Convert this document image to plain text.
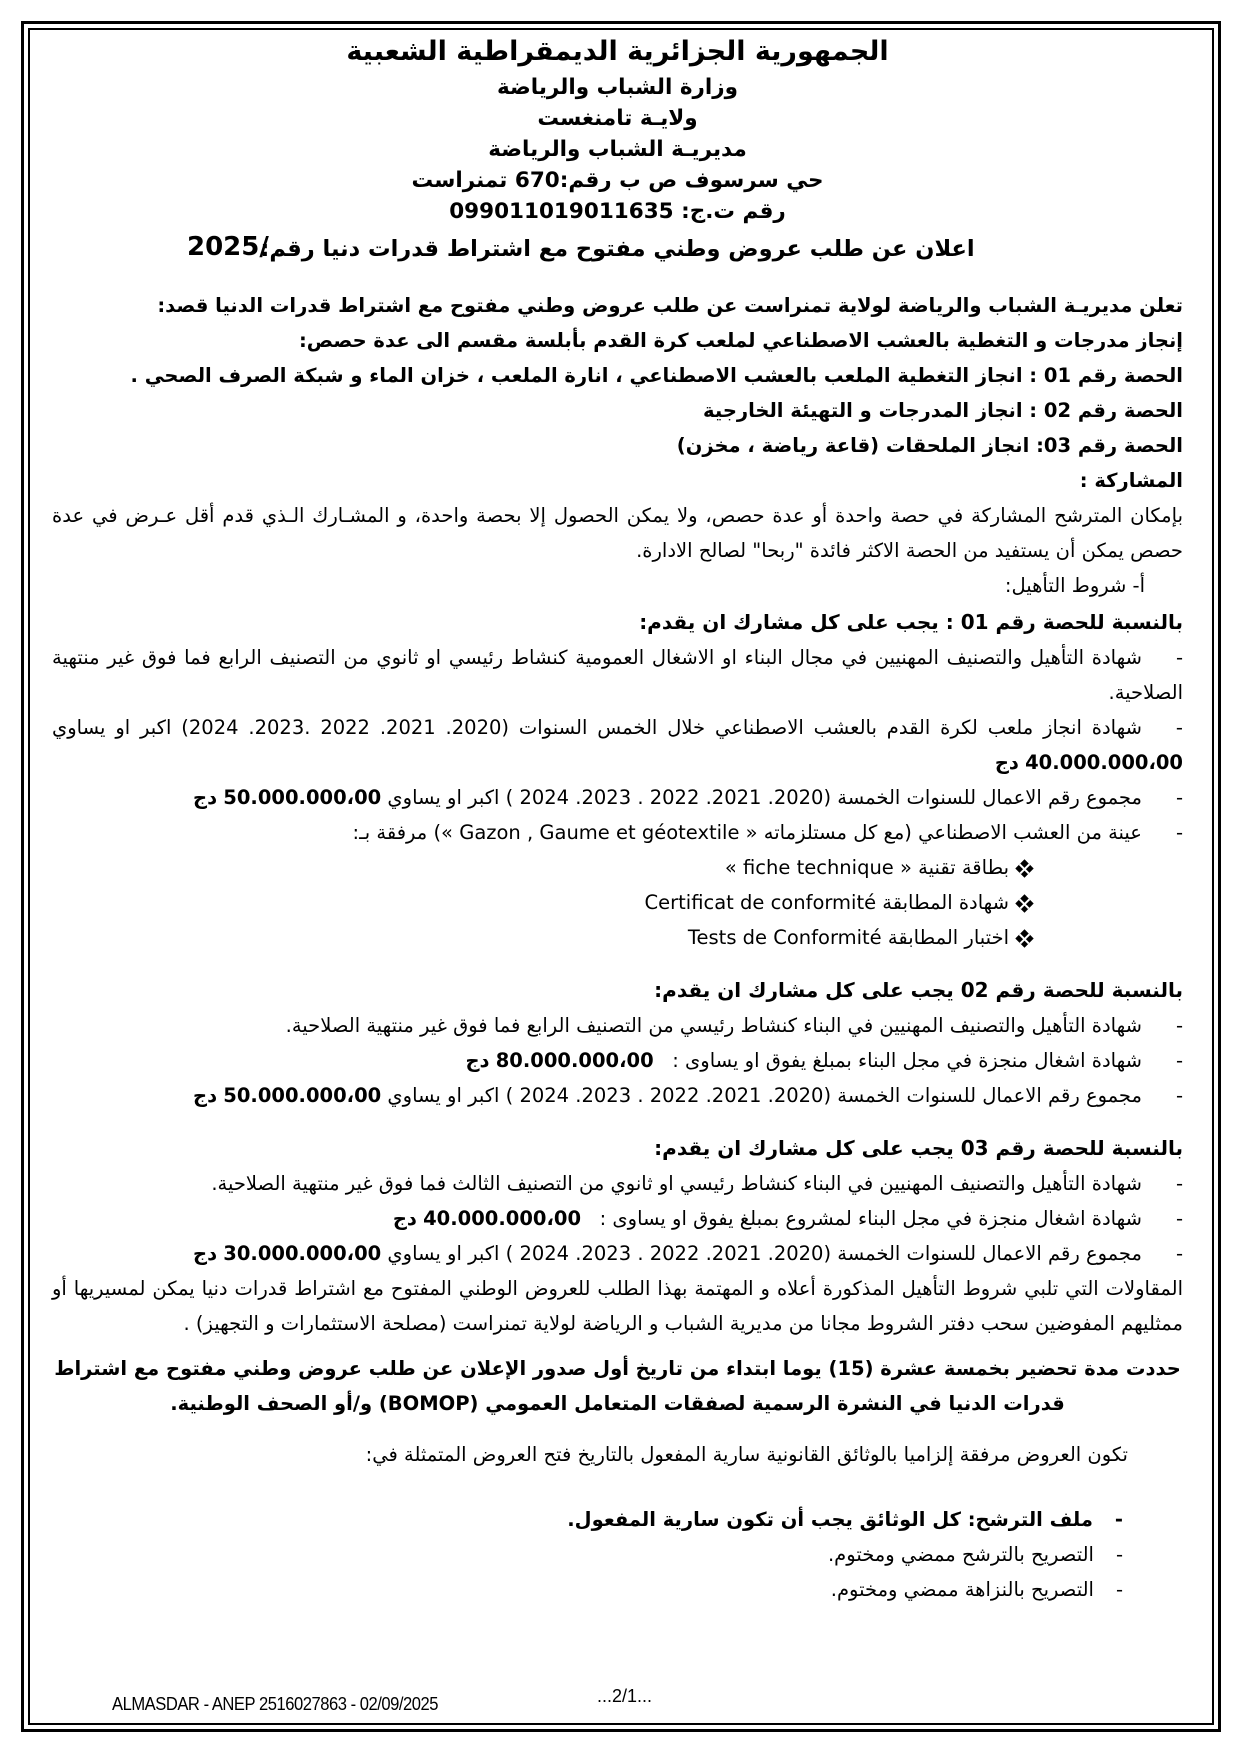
الجمهورية الجزائرية الديمقراطية الشعبية
وزارة الشباب والرياضة
ولايـة تامنغست
مديريـة الشباب والرياضة
حي سرسوف ص ب رقم:670 تمنراست
رقم ت.ج: 099011019011635
اعلان عن طلب عروض وطني مفتوح مع اشتراط قدرات دنيا رقم:
2025/

تعلن مديريـة الشباب والرياضة لولاية تمنراست عن طلب عروض وطني مفتوح مع اشتراط قدرات الدنيا قصد:

إنجاز مدرجات و التغطية بالعشب الاصطناعي لملعب كرة القدم بأبلسة مقسم الى عدة حصص:

الحصة رقم 01 : انجاز التغطية الملعب بالعشب الاصطناعي ، انارة الملعب ، خزان الماء و شبكة الصرف الصحي .

الحصة رقم 02 : انجاز المدرجات و التهيئة الخارجية

الحصة رقم 03: انجاز الملحقات (قاعة رياضة ، مخزن)

المشاركة :

بإمكان المترشح المشاركة في حصة واحدة أو عدة حصص، ولا يمكن الحصول إلا بحصة واحدة، و المشـارك الـذي قدم أقل عـرض في عدة حصص يمكن أن يستفيد من الحصة الاكثر فائدة "ربحا" لصالح الادارة.

أ- شروط التأهيل:

بالنسبة للحصة رقم 01 : يجب على كل مشارك ان يقدم:
-شهادة التأهيل والتصنيف المهنيين في مجال البناء او الاشغال العمومية كنشاط رئيسي او ثانوي من التصنيف الرابع فما فوق غير منتهية الصلاحية.
-شهادة انجاز ملعب لكرة القدم بالعشب الاصطناعي خلال الخمس السنوات (2020. 2021. 2022 .2023. 2024) اكبر او يساوي 40.000.000،00 دج
-مجموع رقم الاعمال للسنوات الخمسة (2020. 2021. 2022 . 2023. 2024 ) اكبر او يساوي 50.000.000،00 دج
-عينة من العشب الاصطناعي (مع كل مستلزماته « Gazon , Gaume et géotextile ») مرفقة بـ:
بطاقة تقنية « fiche technique »
شهادة المطابقة Certificat de conformité
اختبار المطابقة Tests de Conformité
بالنسبة للحصة رقم 02 يجب على كل مشارك ان يقدم:
-شهادة التأهيل والتصنيف المهنيين في البناء كنشاط رئيسي من التصنيف الرابع فما فوق غير منتهية الصلاحية.
-شهادة اشغال منجزة في مجل البناء بمبلغ يفوق او يساوى :   80.000.000،00 دج
-مجموع رقم الاعمال للسنوات الخمسة (2020. 2021. 2022 . 2023. 2024 ) اكبر او يساوي 50.000.000،00 دج
بالنسبة للحصة رقم 03 يجب على كل مشارك ان يقدم:
-شهادة التأهيل والتصنيف المهنيين في البناء كنشاط رئيسي او ثانوي من التصنيف الثالث فما فوق غير منتهية الصلاحية.
-شهادة اشغال منجزة في مجل البناء لمشروع بمبلغ يفوق او يساوى :   40.000.000،00 دج
-مجموع رقم الاعمال للسنوات الخمسة (2020. 2021. 2022 . 2023. 2024 ) اكبر او يساوي 30.000.000،00 دج

المقاولات التي تلبي شروط التأهيل المذكورة أعلاه و المهتمة بهذا الطلب للعروض الوطني المفتوح مع اشتراط قدرات دنيا يمكن لمسيريها أو ممثليهم المفوضين سحب دفتر الشروط مجانا من مديرية الشباب و الرياضة لولاية تمنراست (مصلحة الاستثمارات و التجهيز) .

حددت مدة تحضير بخمسة عشرة (15) يوما ابتداء من تاريخ أول صدور الإعلان عن طلب عروض وطني مفتوح مع اشتراط قدرات الدنيا في النشرة الرسمية لصفقات المتعامل العمومي (BOMOP) و/أو الصحف الوطنية.

تكون العروض مرفقة إلزاميا بالوثائق القانونية سارية المفعول بالتاريخ فتح العروض المتمثلة في:

-ملف الترشح: كل الوثائق يجب أن تكون سارية المفعول.
-التصريح بالترشح ممضي ومختوم.
-التصريح بالنزاهة ممضي ومختوم.
ALMASDAR - ANEP 2516027863 - 02/09/2025	...2/1...
